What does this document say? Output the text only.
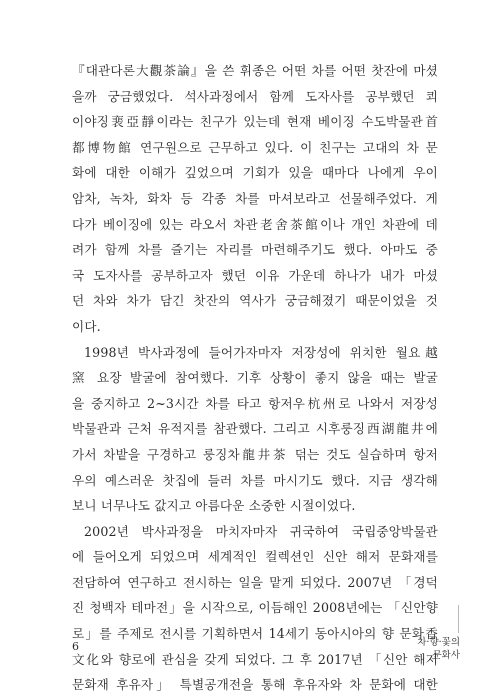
『대관다론大觀茶論』을 쓴 휘종은 어떤 차를 어떤 찻잔에 마셨
을까 궁금했었다. 석사과정에서 함께 도자사를 공부했던 쾨
이야징裵亞靜이라는 친구가 있는데 현재 베이징 수도박물관首
都博物館 연구원으로 근무하고 있다. 이 친구는 고대의 차 문
화에 대한 이해가 깊었으며 기회가 있을 때마다 나에게 우이
암차, 녹차, 화차 등 각종 차를 마셔보라고 선물해주었다. 게
다가 베이징에 있는 라오서 차관老舍茶館이나 개인 차관에 데
려가 함께 차를 즐기는 자리를 마련해주기도 했다. 아마도 중
국 도자사를 공부하고자 했던 이유 가운데 하나가 내가 마셨
던 차와 차가 담긴 찻잔의 역사가 궁금해졌기 때문이었을 것
이다.
1998년 박사과정에 들어가자마자 저장성에 위치한 월요越
窯 요장 발굴에 참여했다. 기후 상황이 좋지 않을 때는 발굴
을 중지하고 2~3시간 차를 타고 항저우杭州로 나와서 저장성
박물관과 근처 유적지를 참관했다. 그리고 시후룽징西湖龍井에
가서 차밭을 구경하고 룽징차龍井茶 덖는 것도 실습하며 항저
우의 예스러운 찻집에 들러 차를 마시기도 했다. 지금 생각해
보니 너무나도 값지고 아름다운 소중한 시절이었다.
2002년 박사과정을 마치자마자 귀국하여 국립중앙박물관
에 들어오게 되었으며 세계적인 컬렉션인 신안 해저 문화재를
전담하여 연구하고 전시하는 일을 맡게 되었다. 2007년 「경덕
진 청백자 테마전」을 시작으로, 이듬해인 2008년에는 「신안향
로」를 주제로 전시를 기획하면서 14세기 동아시아의 향 문화香
文化와 향로에 관심을 갖게 되었다. 그 후 2017년 「신안 해저
문화재 후유자」 특별공개전을 통해 후유자와 차 문화에 대한
6	차·향·꽃의
문화사
